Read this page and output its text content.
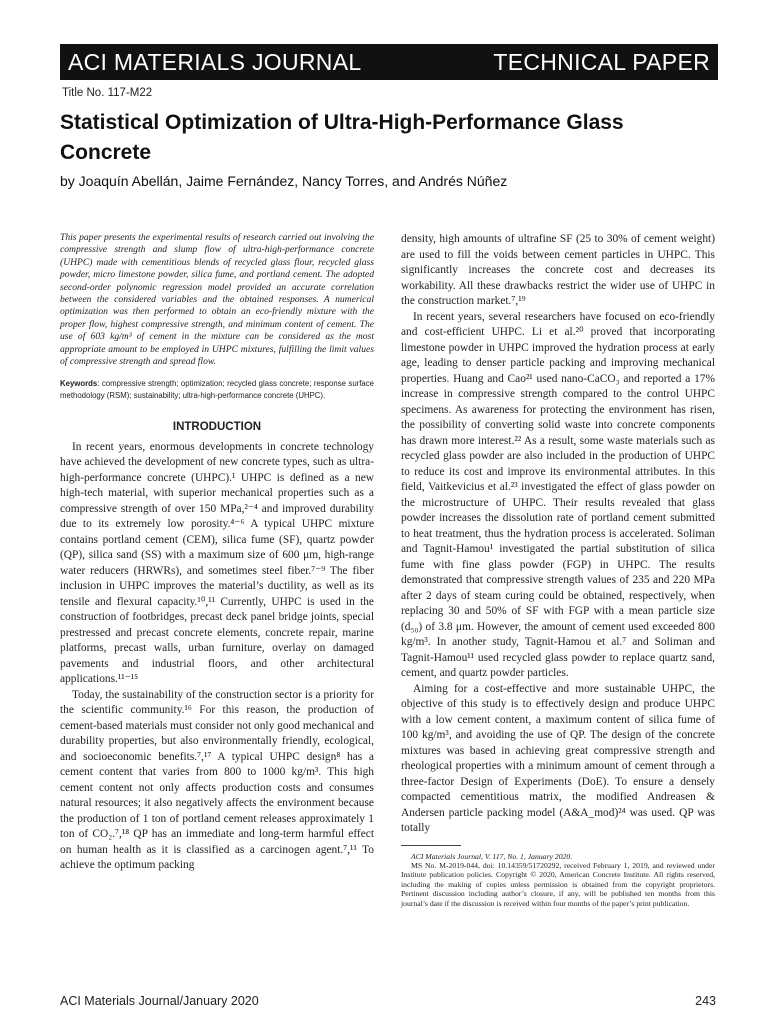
ACI MATERIALS JOURNAL	TECHNICAL PAPER
Title No. 117-M22
Statistical Optimization of Ultra-High-Performance Glass Concrete
by Joaquín Abellán, Jaime Fernández, Nancy Torres, and Andrés Núñez

This paper presents the experimental results of research carried out involving the compressive strength and slump flow of ultra-high-performance concrete (UHPC) made with cementitious blends of recycled glass flour, recycled glass powder, micro limestone powder, silica fume, and portland cement. The adopted second-order polynomic regression model provided an accurate correlation between the considered variables and the obtained responses. A numerical optimization was then performed to obtain an eco-friendly mixture with the proper flow, highest compressive strength, and minimum content of cement. The use of 603 kg/m³ of cement in the mixture can be considered as the most appropriate amount to be employed in UHPC mixtures, fulfilling the limit values of compressive strength and spread flow.

Keywords: compressive strength; optimization; recycled glass concrete; response surface methodology (RSM); sustainability; ultra-high-performance concrete (UHPC).

INTRODUCTION

In recent years, enormous developments in concrete technology have achieved the development of new concrete types, such as ultra-high-performance concrete (UHPC).¹ UHPC is defined as a new high-tech material, with superior mechanical properties such as a compressive strength of over 150 MPa,²⁻⁴ and improved durability due to its extremely low porosity.⁴⁻⁶ A typical UHPC mixture contains portland cement (CEM), silica fume (SF), quartz powder (QP), silica sand (SS) with a maximum size of 600 μm, high-range water reducers (HRWRs), and sometimes steel fiber.⁷⁻⁹ The fiber inclusion in UHPC improves the material’s ductility, as well as its tensile and flexural capacity.¹⁰,¹¹ Currently, UHPC is used in the construction of footbridges, precast deck panel bridge joints, special prestressed and precast concrete elements, concrete repair, marine platforms, precast walls, urban furniture, overlay on damaged pavements and industrial floors, and other architectural applications.¹¹⁻¹⁵

Today, the sustainability of the construction sector is a priority for the scientific community.¹⁶ For this reason, the production of cement-based materials must consider not only good mechanical and durability properties, but also environmentally friendly, ecological, and socioeconomic benefits.⁷,¹⁷ A typical UHPC design⁸ has a cement content that varies from 800 to 1000 kg/m³. This high cement content not only affects production costs and consumes natural resources; it also negatively affects the environment because the production of 1 ton of portland cement releases approximately 1 ton of CO₂.⁷,¹⁸ QP has an immediate and long-term harmful effect on human health as it is classified as a carcinogen agent.⁷,¹¹ To achieve the optimum packing

density, high amounts of ultrafine SF (25 to 30% of cement weight) are used to fill the voids between cement particles in UHPC. This significantly increases the concrete cost and decreases its workability. All these drawbacks restrict the wider use of UHPC in the construction market.⁷,¹⁹

In recent years, several researchers have focused on eco-friendly and cost-efficient UHPC. Li et al.²⁰ proved that incorporating limestone powder in UHPC improved the hydration process at early age, leading to denser particle packing and improving mechanical properties. Huang and Cao²¹ used nano-CaCO₃ and reported a 17% increase in compressive strength compared to the control UHPC specimens. As awareness for protecting the environment has risen, the possibility of converting solid waste into concrete components has drawn more interest.²² As a result, some waste materials such as recycled glass powder are also included in the production of UHPC to reduce its cost and improve its environmental attributes. In this field, Vaitkevicius et al.²³ investigated the effect of glass powder on the microstructure of UHPC. Their results revealed that glass powder increases the dissolution rate of portland cement submitted to heat treatment, thus the hydration process is accelerated. Soliman and Tagnit-Hamou¹ investigated the partial substitution of silica fume with fine glass powder (FGP) in UHPC. The results demonstrated that compressive strength values of 235 and 220 MPa after 2 days of steam curing could be obtained, respectively, when replacing 30 and 50% of SF with FGP with a mean particle size (d₅₀) of 3.8 μm. However, the amount of cement used exceeded 800 kg/m³. In another study, Tagnit-Hamou et al.⁷ and Soliman and Tagnit-Hamou¹¹ used recycled glass powder to replace quartz sand, cement, and quartz powder particles.

Aiming for a cost-effective and more sustainable UHPC, the objective of this study is to effectively design and produce UHPC with a low cement content, a maximum content of silica fume of 100 kg/m³, and avoiding the use of QP. The design of the concrete mixtures was based in achieving great compressive strength and rheological properties with a minimum amount of cement through a three-factor Design of Experiments (DoE). To ensure a densely compacted cementitious matrix, the modified Andreasen & Andersen particle packing model (A&A_mod)²⁴ was used. QP was totally

ACI Materials Journal, V. 117, No. 1, January 2020.

MS No. M-2019-044, doi: 10.14359/51720292, received February 1, 2019, and reviewed under Institute publication policies. Copyright © 2020, American Concrete Institute. All rights reserved, including the making of copies unless permission is obtained from the copyright proprietors. Pertinent discussion including author’s closure, if any, will be published ten months from this journal’s date if the discussion is received within four months of the paper’s print publication.

ACI Materials Journal/January 2020	243
